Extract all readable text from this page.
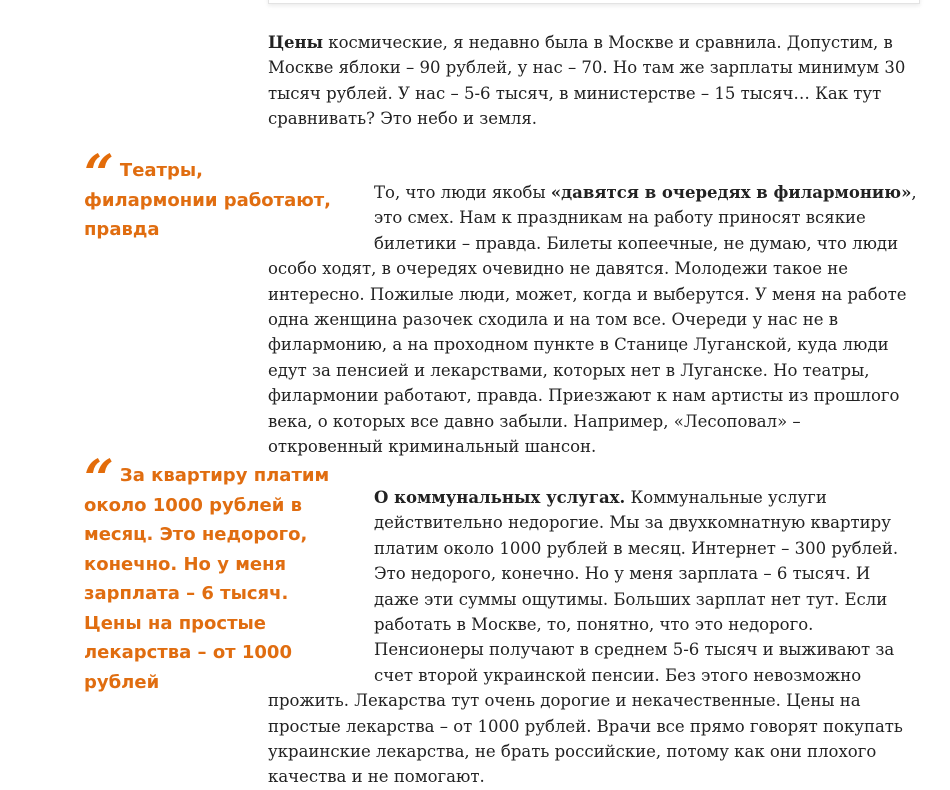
Цены космические, я недавно была в Москве и сравнила. Допустим, в Москве яблоки – 90 рублей, у нас – 70. Но там же зарплаты минимум 30 тысяч рублей. У нас – 5-6 тысяч, в министерстве – 15 тысяч… Как тут сравнивать? Это небо и земля.

“ Театры, филармонии работают, правда

То, что люди якобы «давятся в очередях в филармонию», это смех. Нам к праздникам на работу приносят всякие билетики – правда. Билеты копеечные, не думаю, что люди особо ходят, в очередях очевидно не давятся. Молодежи такое не интересно. Пожилые люди, может, когда и выберутся. У меня на работе одна женщина разочек сходила и на том все. Очереди у нас не в филармонию, а на проходном пункте в Станице Луганской, куда люди едут за пенсией и лекарствами, которых нет в Луганске. Но театры, филармонии работают, правда. Приезжают к нам артисты из прошлого века, о которых все давно забыли. Например, «Лесоповал» – откровенный криминальный шансон.

“ За квартиру платим около 1000 рублей в месяц. Это недорого, конечно. Но у меня зарплата – 6 тысяч. Цены на простые лекарства – от 1000 рублей

О коммунальных услугах. Коммунальные услуги действительно недорогие. Мы за двухкомнатную квартиру платим около 1000 рублей в месяц. Интернет – 300 рублей. Это недорого, конечно. Но у меня зарплата – 6 тысяч. И даже эти суммы ощутимы. Больших зарплат нет тут. Если работать в Москве, то, понятно, что это недорого. Пенсионеры получают в среднем 5-6 тысяч и выживают за счет второй украинской пенсии. Без этого невозможно прожить. Лекарства тут очень дорогие и некачественные. Цены на простые лекарства – от 1000 рублей. Врачи все прямо говорят покупать украинские лекарства, не брать российские, потому как они плохого качества и не помогают.
